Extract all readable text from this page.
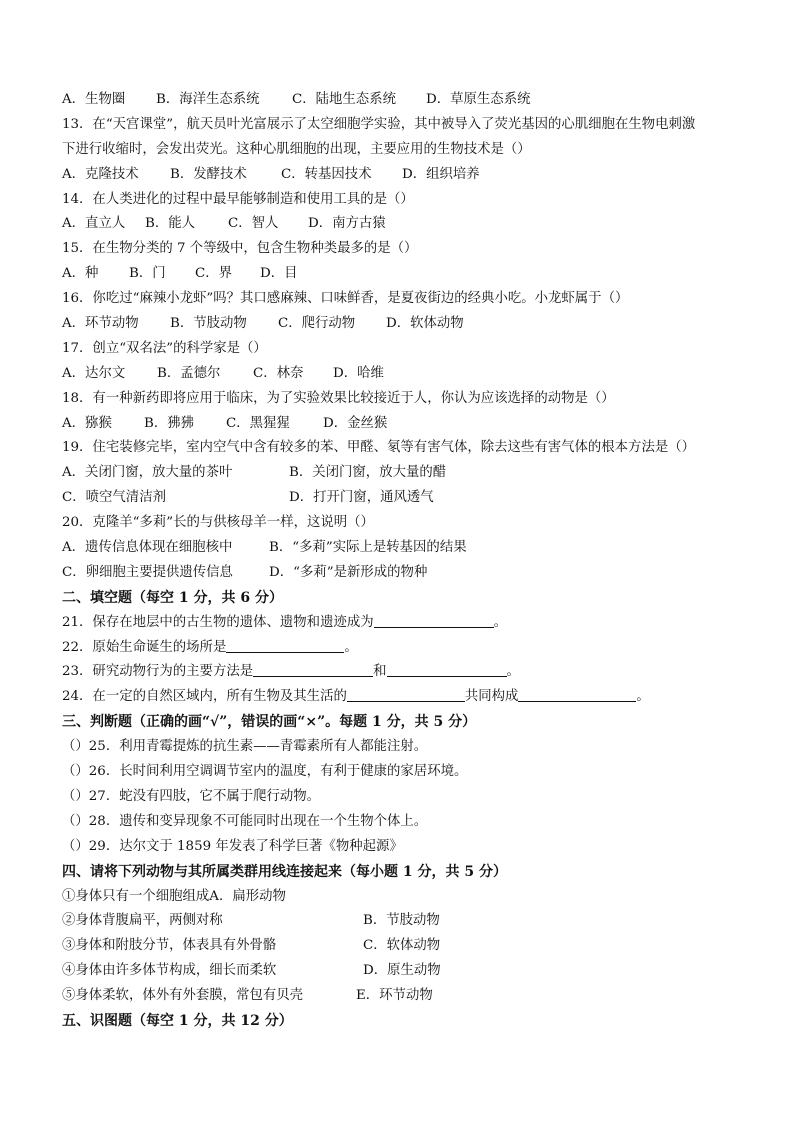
A．生物圈 B．海洋生态系统 C．陆地生态系统 D．草原生态系统
13．在“天宫课堂”，航天员叶光富展示了太空细胞学实验，其中被导入了荧光基因的心肌细胞在生物电刺激
下进行收缩时，会发出荧光。这种心肌细胞的出现，主要应用的生物技术是（）
A．克隆技术 B．发酵技术	C．转基因技术 D．组织培养
14．在人类进化的过程中最早能够制造和使用工具的是（）
A．直立人 B．能人 C．智人 D．南方古猿
15．在生物分类的 7 个等级中，包含生物种类最多的是（）
A．种 B．门 C．界 D．目
16．你吃过“麻辣小龙虾”吗？其口感麻辣、口味鲜香，是夏夜街边的经典小吃。小龙虾属于（）
A．环节动物 B．节肢动物 C．爬行动物 D．软体动物
17．创立“双名法”的科学家是（）
A．达尔文 B．孟德尔 C．林奈 D．哈维
18．有一种新药即将应用于临床，为了实验效果比较接近于人，你认为应该选择的动物是（）
A．猕猴 B．狒狒 C．黑猩猩 D．金丝猴
19．住宅装修完毕，室内空气中含有较多的苯、甲醛、氡等有害气体，除去这些有害气体的根本方法是（）
A．关闭门窗，放大量的茶叶	B．关闭门窗，放大量的醋
C．喷空气清洁剂	D．打开门窗，通风透气
20．克隆羊“多莉”长的与供核母羊一样，这说明（）
A．遗传信息体现在细胞核中	B．“多莉”实际上是转基因的结果
C．卵细胞主要提供遗传信息	D．“多莉”是新形成的物种
二、填空题（每空 1 分，共 6 分）
21．保存在地层中的古生物的遗体、遗物和遗迹成为	。
22．原始生命诞生的场所是	。
23．研究动物行为的主要方法是	和	。
24．在一定的自然区域内，所有生物及其生活的	共同构成	。
三、判断题（正确的画“√”，错误的画“×”。每题 1 分，共 5 分）
（）25．利用青霉提炼的抗生素——青霉素所有人都能注射。
（）26．长时间利用空调调节室内的温度，有利于健康的家居环境。
（）27．蛇没有四肢，它不属于爬行动物。
（）28．遗传和变异现象不可能同时出现在一个生物个体上。
（）29．达尔文于 1859 年发表了科学巨著《物种起源》
四、请将下列动物与其所属类群用线连接起来（每小题 1 分，共 5 分）
①身体只有一个细胞组成A．扁形动物
②身体背腹扁平，两侧对称	B．节肢动物
③身体和附肢分节，体表具有外骨骼	C．软体动物
④身体由许多体节构成，细长而柔软	D．原生动物
⑤身体柔软，体外有外套膜，常包有贝壳	E．环节动物
五、识图题（每空 1 分，共 12 分）
